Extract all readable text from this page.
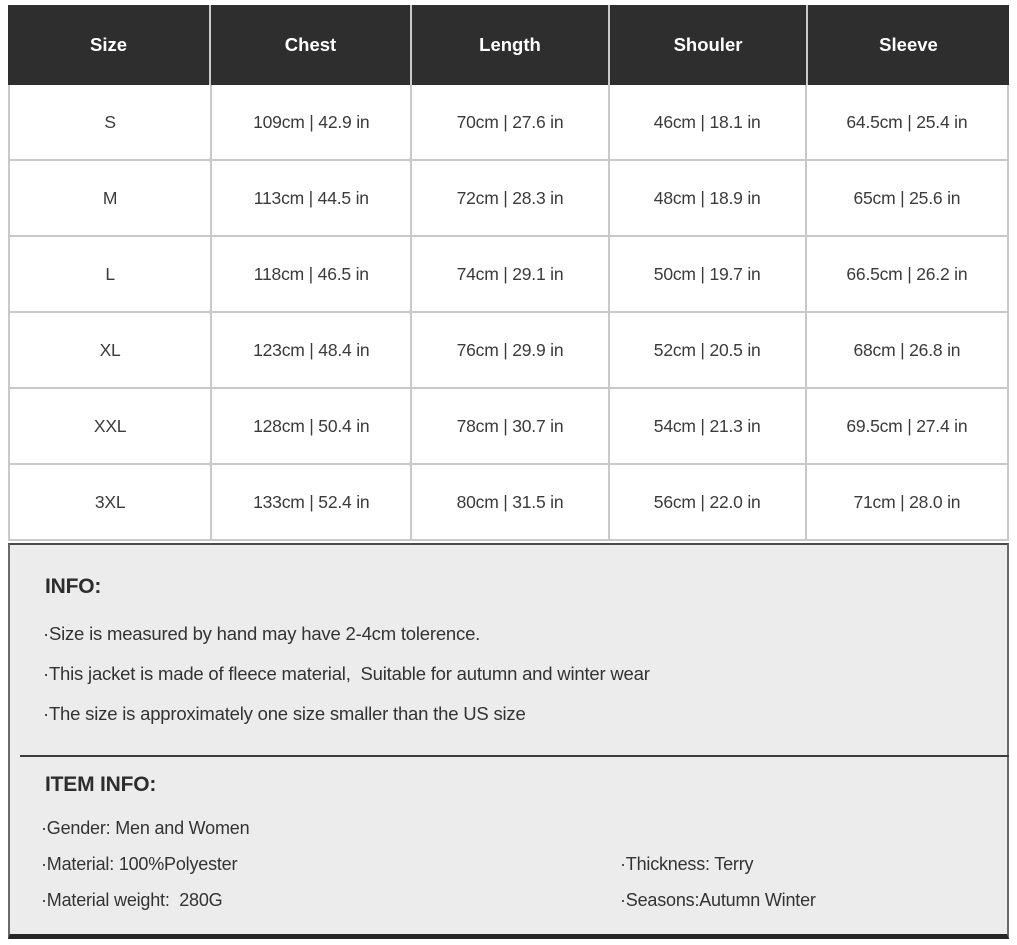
Size	Chest	Length	Shouler	Sleeve
S	109cm | 42.9 in	70cm | 27.6 in	46cm | 18.1 in	64.5cm | 25.4 in
M	113cm | 44.5 in	72cm | 28.3 in	48cm | 18.9 in	65cm | 25.6 in
L	118cm | 46.5 in	74cm | 29.1 in	50cm | 19.7 in	66.5cm | 26.2 in
XL	123cm | 48.4 in	76cm | 29.9 in	52cm | 20.5 in	68cm | 26.8 in
XXL	128cm | 50.4 in	78cm | 30.7 in	54cm | 21.3 in	69.5cm | 27.4 in
3XL	133cm | 52.4 in	80cm | 31.5 in	56cm | 22.0 in	71cm | 28.0 in
INFO:
·Size is measured by hand may have 2-4cm tolerence.
·This jacket is made of fleece material,  Suitable for autumn and winter wear
·The size is approximately one size smaller than the US size
ITEM INFO:
·Gender: Men and Women
·Material: 100%Polyester	·Thickness: Terry
·Material weight:  280G	·Seasons:Autumn Winter
